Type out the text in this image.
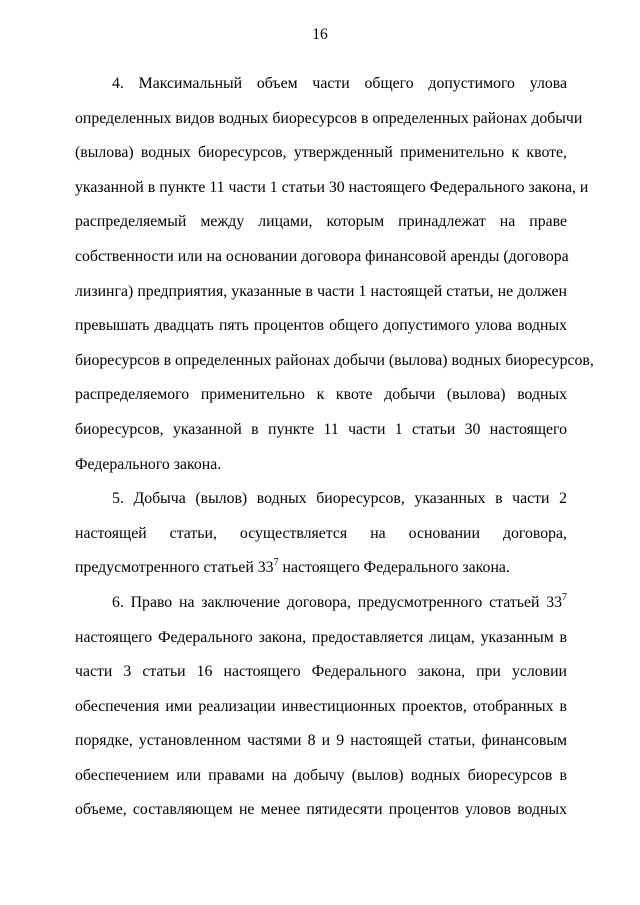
16
4. Максимальный объем части общего допустимого улова
определенных видов водных биоресурсов в определенных районах добычи
(вылова) водных биоресурсов, утвержденный применительно к квоте,
указанной в пункте 11 части 1 статьи 30 настоящего Федерального закона, и
распределяемый между лицами, которым принадлежат на праве
собственности или на основании договора финансовой аренды (договора
лизинга) предприятия, указанные в части 1 настоящей статьи, не должен
превышать двадцать пять процентов общего допустимого улова водных
биоресурсов в определенных районах добычи (вылова) водных биоресурсов,
распределяемого применительно к квоте добычи (вылова) водных
биоресурсов, указанной в пункте 11 части 1 статьи 30 настоящего
Федерального закона.
5. Добыча (вылов) водных биоресурсов, указанных в части 2
настоящей статьи, осуществляется на основании договора,
предусмотренного статьей $33^7$ настоящего Федерального закона.
6. Право на заключение договора, предусмотренного статьей $33^7$
настоящего Федерального закона, предоставляется лицам, указанным в
части 3 статьи 16 настоящего Федерального закона, при условии
обеспечения ими реализации инвестиционных проектов, отобранных в
порядке, установленном частями 8 и 9 настоящей статьи, финансовым
обеспечением или правами на добычу (вылов) водных биоресурсов в
объеме, составляющем не менее пятидесяти процентов уловов водных
